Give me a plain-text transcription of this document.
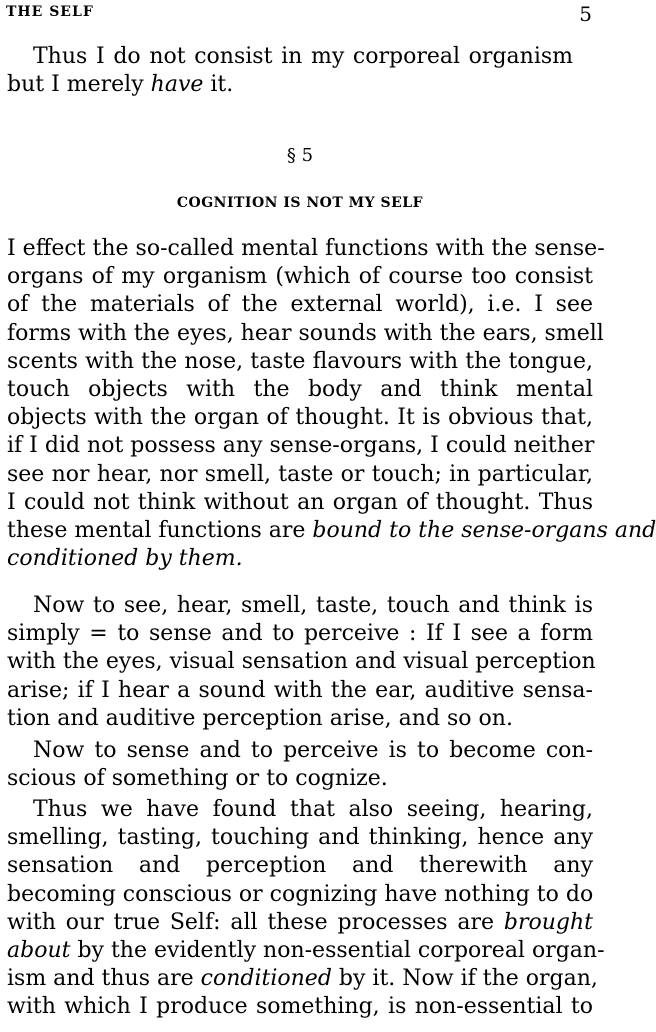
THE SELF	5
Thus I do not consist in my corporeal organism
but I merely have it.
§ 5
COGNITION IS NOT MY SELF
I effect the so-called mental functions with the sense-
organs of my organism (which of course too consist
of the materials of the external world), i.e. I see
forms with the eyes, hear sounds with the ears, smell
scents with the nose, taste flavours with the tongue,
touch objects with the body and think mental
objects with the organ of thought. It is obvious that,
if I did not possess any sense-organs, I could neither
see nor hear, nor smell, taste or touch; in particular,
I could not think without an organ of thought. Thus
these mental functions are bound to the sense-organs and
conditioned by them.
Now to see, hear, smell, taste, touch and think is
simply = to sense and to perceive : If I see a form
with the eyes, visual sensation and visual perception
arise; if I hear a sound with the ear, auditive sensa-
tion and auditive perception arise, and so on.
Now to sense and to perceive is to become con-
scious of something or to cognize.
Thus we have found that also seeing, hearing,
smelling, tasting, touching and thinking, hence any
sensation and perception and therewith any
becoming conscious or cognizing have nothing to do
with our true Self: all these processes are brought
about by the evidently non-essential corporeal organ-
ism and thus are conditioned by it. Now if the organ,
with which I produce something, is non-essential to
